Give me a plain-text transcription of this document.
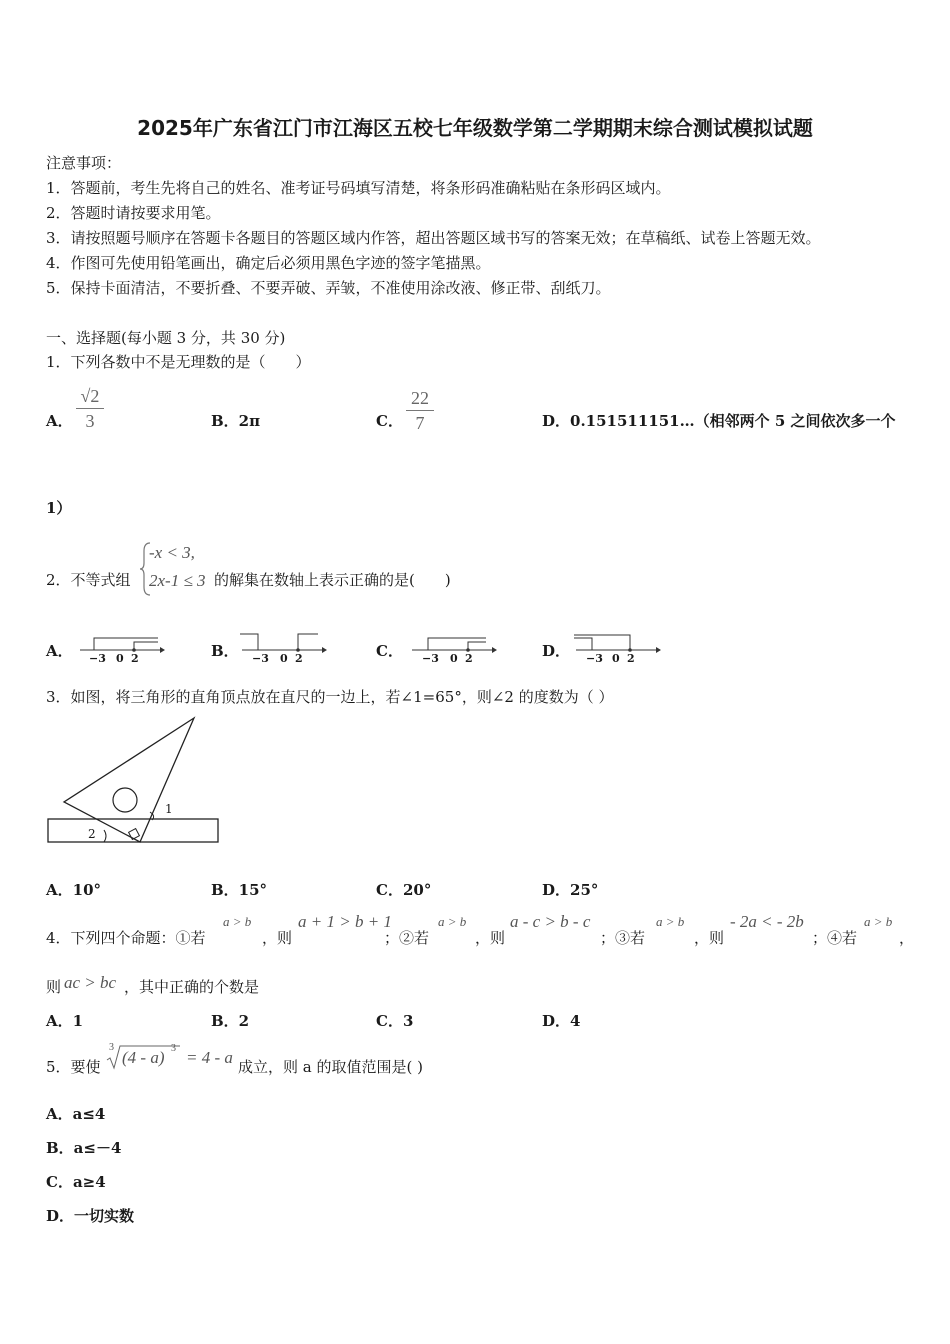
2025年广东省江门市江海区五校七年级数学第二学期期末综合测试模拟试题
注意事项：
1．答题前，考生先将自己的姓名、准考证号码填写清楚，将条形码准确粘贴在条形码区域内。
2．答题时请按要求用笔。
3．请按照题号顺序在答题卡各题目的答题区域内作答，超出答题区域书写的答案无效；在草稿纸、试卷上答题无效。
4．作图可先使用铅笔画出，确定后必须用黑色字迹的签字笔描黑。
5．保持卡面清洁，不要折叠、不要弄破、弄皱，不准使用涂改液、修正带、刮纸刀。
一、选择题(每小题 3 分，共 30 分)
1．下列各数中不是无理数的是（　　）
A．
√2
3	B．2π	C．
22
7	D．0.151511151…（相邻两个 5 之间依次多一个
1）
2．不等式组
-x < 3,
2x-1 ≤ 3 的解集在数轴上表示正确的是(　　)
A．	B．	C．	D．
−3 0 2	−3 0 2	−3 0 2	−3 0 2
3．如图，将三角形的直角顶点放在直尺的一边上，若∠1=65°，则∠2 的度数为（ ）
1
2
A．10°	B．15°	C．20°	D．25°
4．下列四个命题：①若
a > b
，则
a + 1 > b + 1
；②若
a > b
，则
a - c > b - c
；③若
a > b
，则
- 2a < - 2b
；④若
a > b
，
则 ac > bc ，其中正确的个数是
A．1	B．2	C．3	D．4
5．要使
3
(4 - a) 3 = 4 - a 成立，则 a 的取值范围是( )
A．a≤4
B．a≤－4
C．a≥4
D．一切实数
